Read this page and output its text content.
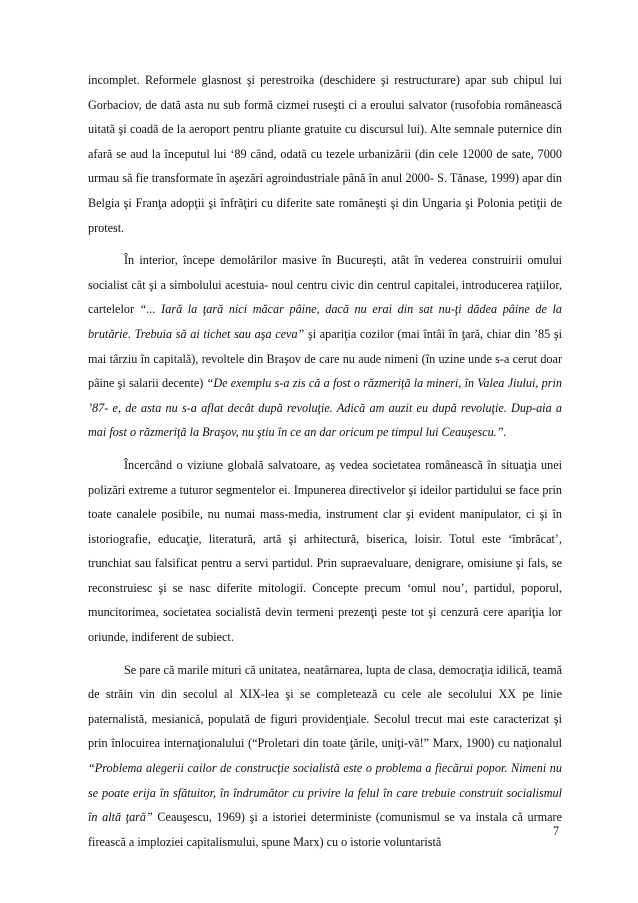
incomplet. Reformele glasnost şi perestroika (deschidere şi restructurare) apar sub chipul lui Gorbaciov, de dată asta nu sub formă cizmei ruseşti ci a eroului salvator (rusofobia românească uitată şi coadă de la aeroport pentru pliante gratuite cu discursul lui). Alte semnale puternice din afară se aud la începutul lui ‘89 când, odată cu tezele urbanizării (din cele 12000 de sate, 7000 urmau să fie transformate în aşezări agroindustriale până în anul 2000- S. Tănase, 1999) apar din Belgia şi Franţa adopţii şi înfrăţiri cu diferite sate româneşti şi din Ungaria şi Polonia petiţii de protest.

În interior, începe demolărilor masive în Bucureşti, atât în vederea construirii omului socialist cât şi a simbolului acestuia- noul centru civic din centrul capitalei, introducerea raţiilor, cartelelor “... Iară la ţară nici măcar pâine, dacă nu erai din sat nu-ţi dădea pâine de la brutărie. Trebuia să ai tichet sau aşa ceva” şi apariţia cozilor (mai întâi în ţară, chiar din ’85 şi mai târziu în capitală), revoltele din Braşov de care nu aude nimeni (în uzine unde s-a cerut doar pâine şi salarii decente) “De exemplu s-a zis că a fost o răzmeriţă la mineri, în Valea Jiului, prin ’87- e, de asta nu s-a aflat decât după revoluţie. Adică am auzit eu după revoluţie. Dup-aia a mai fost o răzmeriţă la Braşov, nu ştiu în ce an dar oricum pe timpul lui Ceauşescu.”.

Încercând o viziune globală salvatoare, aş vedea societatea românească în situaţia unei polizări extreme a tuturor segmentelor ei. Impunerea directivelor şi ideilor partidului se face prin toate canalele posibile, nu numai mass-media, instrument clar şi evident manipulator, ci şi în istoriografie, educaţie, literatură, artă şi arhitectură, biserica, loisir. Totul este ‘îmbrăcat’, trunchiat sau falsificat pentru a servi partidul. Prin supraevaluare, denigrare, omisiune şi fals, se reconstruiesc şi se nasc diferite mitologii. Concepte precum ‘omul nou’, partidul, poporul, muncitorimea, societatea socialistă devin termeni prezenţi peste tot şi cenzură cere apariţia lor oriunde, indiferent de subiect.

Se pare că marile mituri că unitatea, neatârnarea, lupta de clasa, democraţia idilică, teamă de străin vin din secolul al XIX-lea şi se completează cu cele ale secolului XX pe linie paternalistă, mesianică, populată de figuri providenţiale. Secolul trecut mai este caracterizat şi prin înlocuirea internaţionalului (“Proletari din toate ţările, uniţi-vă!” Marx, 1900) cu naţionalul “Problema alegerii cailor de construcţie socialistă este o problema a fiecărui popor. Nimeni nu se poate erija în sfătuitor, în îndrumător cu privire la felul în care trebuie construit socialismul în altă ţară” Ceauşescu, 1969) şi a istoriei deterministe (comunismul se va instala că urmare firească a imploziei capitalismului, spune Marx) cu o istorie voluntaristă

7
